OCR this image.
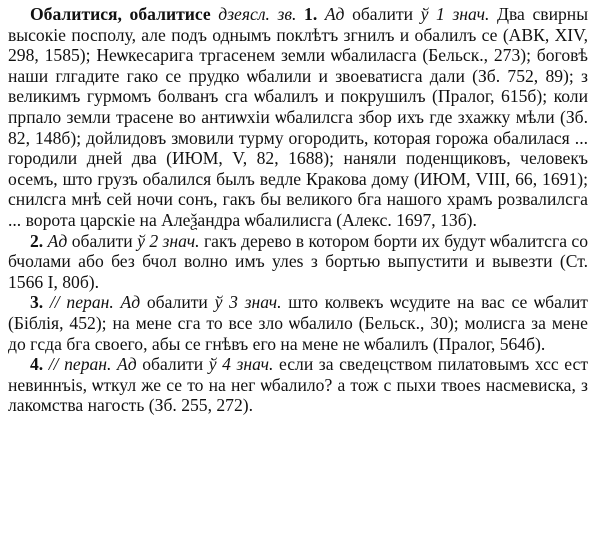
Обалитися, обалитисе дзеясл. зв. 1. Ад обалити ў 1 знач. Два свирны высокіе посполу, але подъ однымъ поклѣтъ згнилъ и обалилъ се (АВК, XIV, 298, 1585); Неѡкесарига тргасенем земли ѡбалиласга (Бельск., 273); боговѣ наши глгадите гако се прудко ѡбалили и звоеватисга дали (Зб. 752, 89); з великимъ гурмомъ болванъ сга ѡбалилъ и покрушилъ (Пралог, 615б); коли прпало земли трасене во антиѡхіи ѡбалилсга збор ихъ где зхажку мѣли (Зб. 82, 148б); дойлидовъ змовили турму огородить, которая горожа обалилася ... городили дней два (ИЮМ, V, 82, 1688); наняли поденщиковъ, человекъ осемъ, што грузъ обалился былъ ведле Кракова дому (ИЮМ, VIII, 66, 1691); снилсга мнѣ сей ночи сонъ, гакъ бы великого бга нашого храмъ розвалилсга ... ворота царскіе на Алеѯандра ѡбалилисга (Алекс. 1697, 13б).

2. Ад обалити ў 2 знач. гакъ дерево в котором борти их будут ѡбалитсга со бчолами або без бчол волно имъ улеs з бортью выпустити и вывезти (Ст. 1566 I, 80б).

3. // перан. Ад обалити ў 3 знач. што колвекъ ѡсудите на вас се ѡбалит (Біблія, 452); на мене сга то все зло ѡбалило (Бельск., 30); молисга за мене до гсда бга своего, абы се гнѣвъ его на мене не ѡбалилъ (Пралог, 564б).

4. // перан. Ад обалити ў 4 знач. если за сведецством пилатовымъ хсс ест невиннъіs, ѡткул же се то на нег ѡбалило? а тож с пыхи твоеs насмевиска, з лакомства нагость (Зб. 255, 272).
